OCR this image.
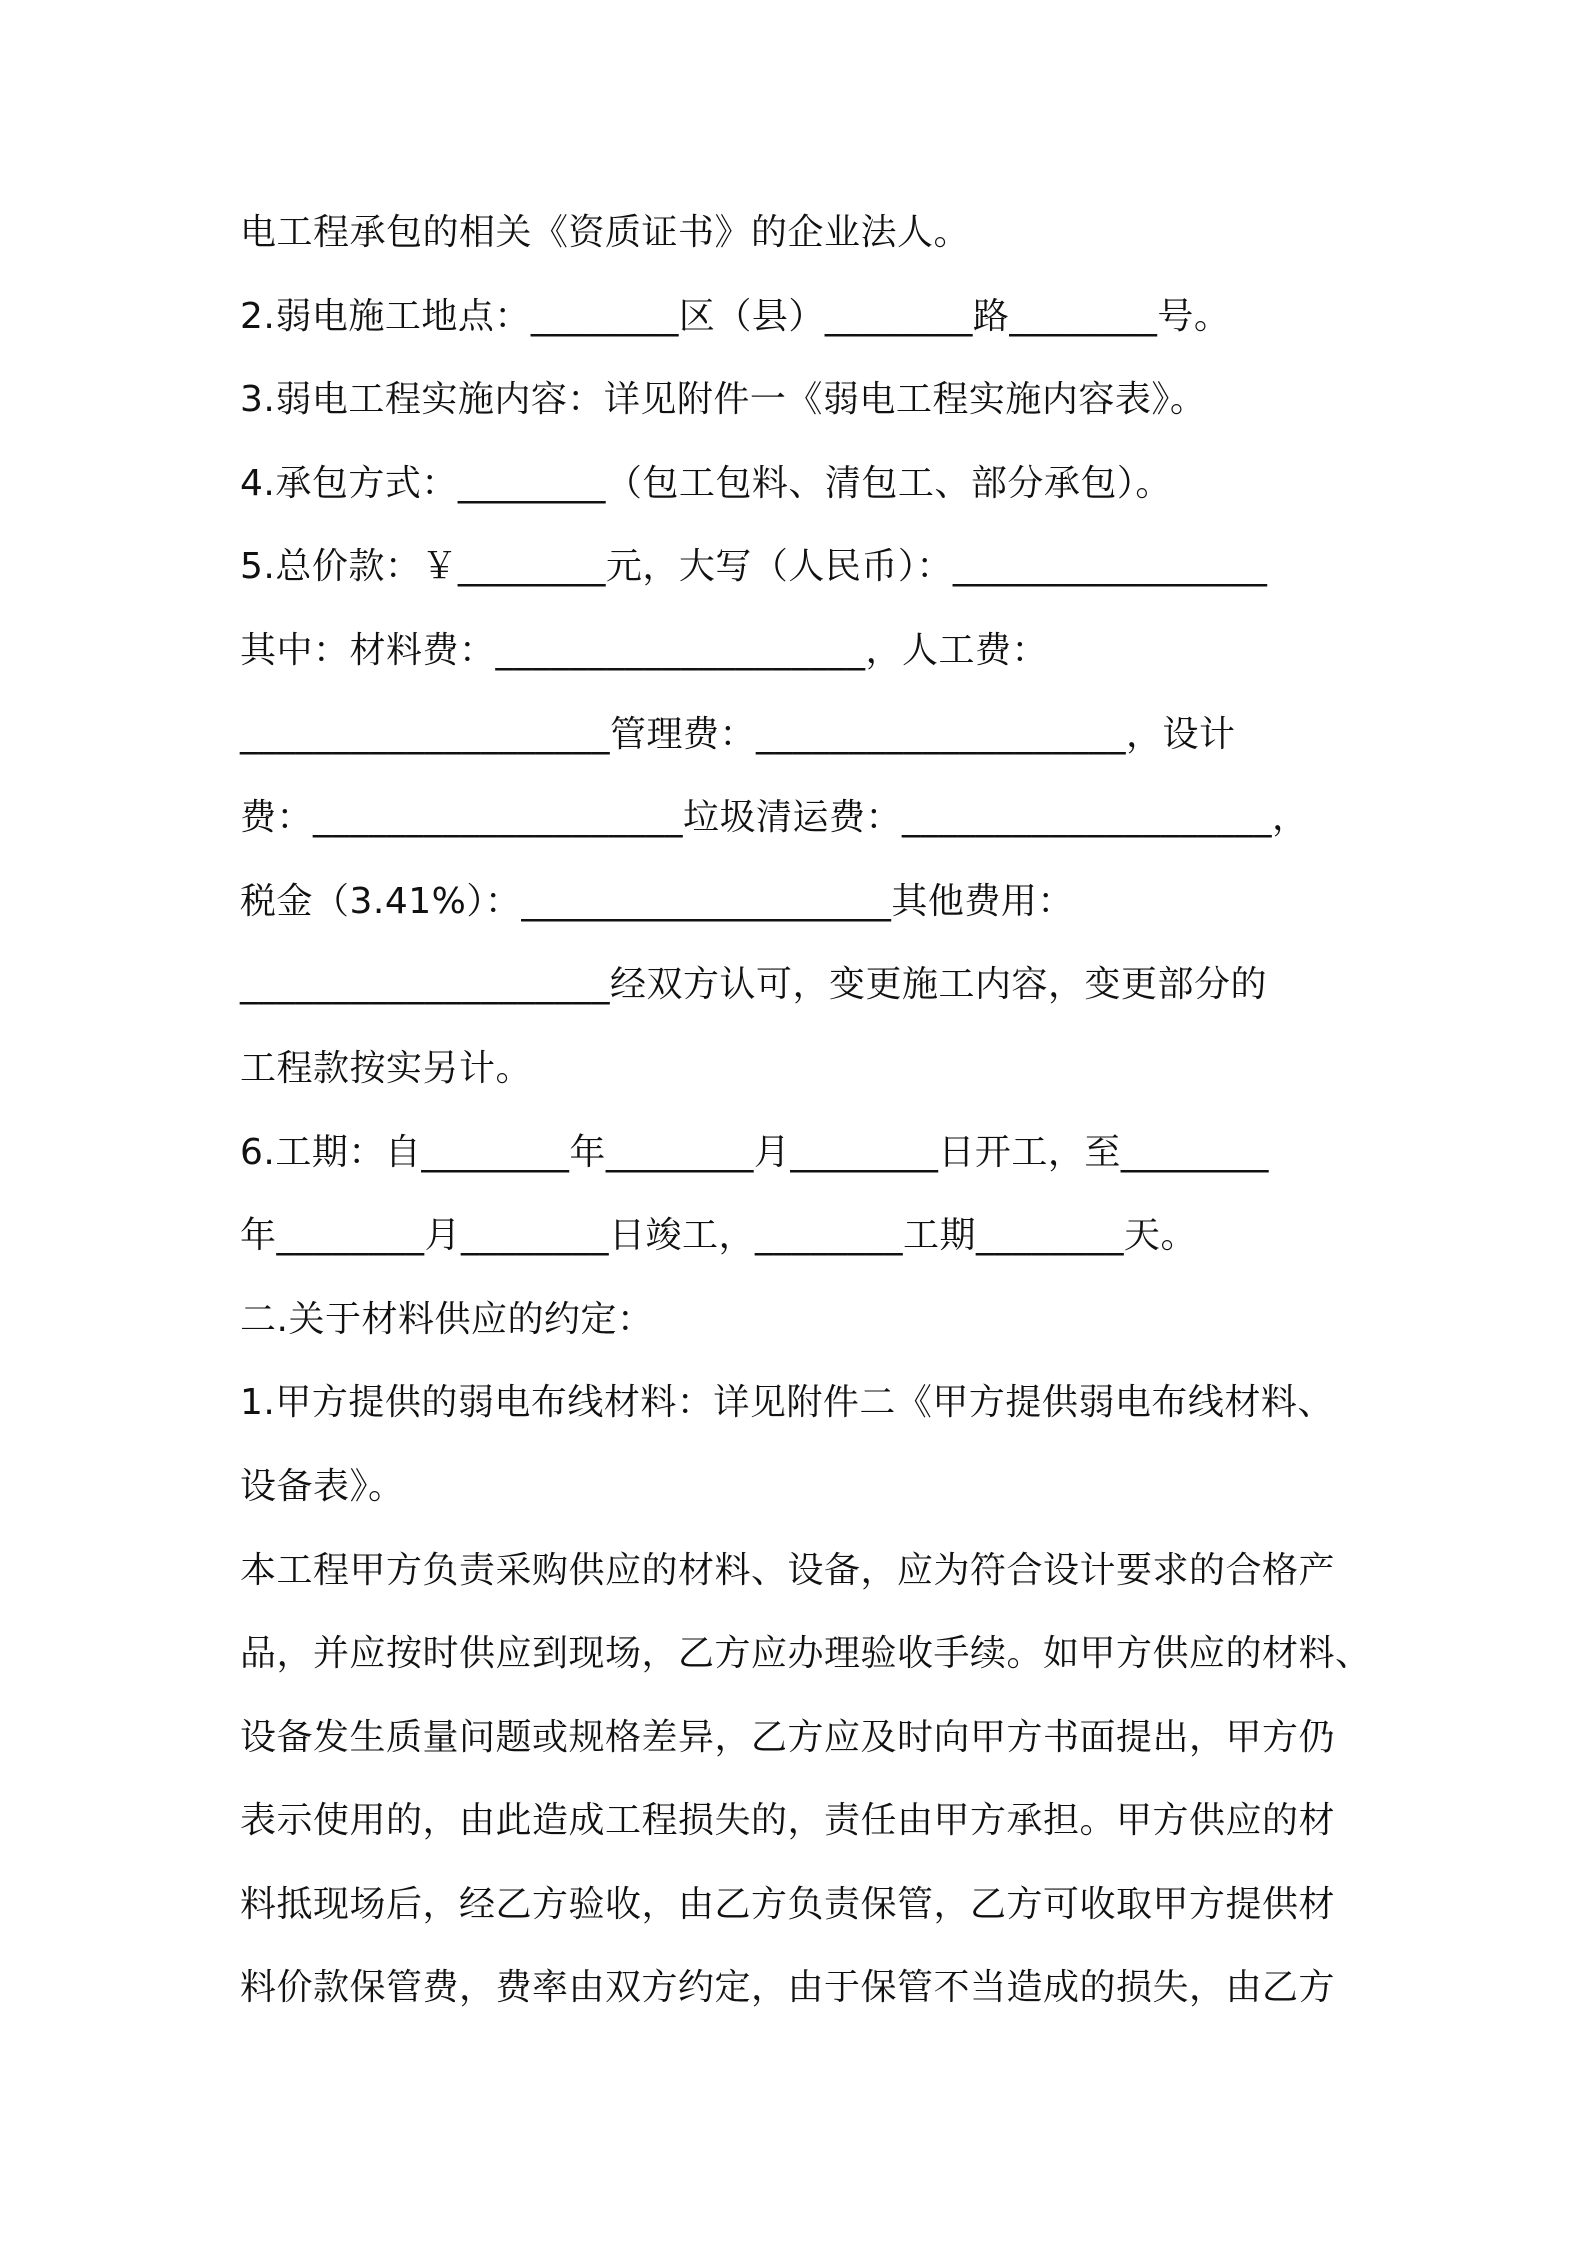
电工程承包的相关《资质证书》的企业法人。
2.弱电施工地点：________区（县）________路________号。
3.弱电工程实施内容：详见附件一《弱电工程实施内容表》。
4.承包方式：________（包工包料、清包工、部分承包）。
5.总价款：￥________元，大写（人民币）：_________________
其中：材料费：____________________，人工费：
____________________管理费：____________________，设计
费：____________________垃圾清运费：____________________，
税金（3.41%）：____________________其他费用：
____________________经双方认可，变更施工内容，变更部分的
工程款按实另计。
6.工期：自________年________月________日开工，至________
年________月________日竣工，________工期________天。
二.关于材料供应的约定：
1.甲方提供的弱电布线材料：详见附件二《甲方提供弱电布线材料、
设备表》。
本工程甲方负责采购供应的材料、设备，应为符合设计要求的合格产
品，并应按时供应到现场，乙方应办理验收手续。如甲方供应的材料、
设备发生质量问题或规格差异，乙方应及时向甲方书面提出，甲方仍
表示使用的，由此造成工程损失的，责任由甲方承担。甲方供应的材
料抵现场后，经乙方验收，由乙方负责保管，乙方可收取甲方提供材
料价款保管费，费率由双方约定，由于保管不当造成的损失，由乙方
